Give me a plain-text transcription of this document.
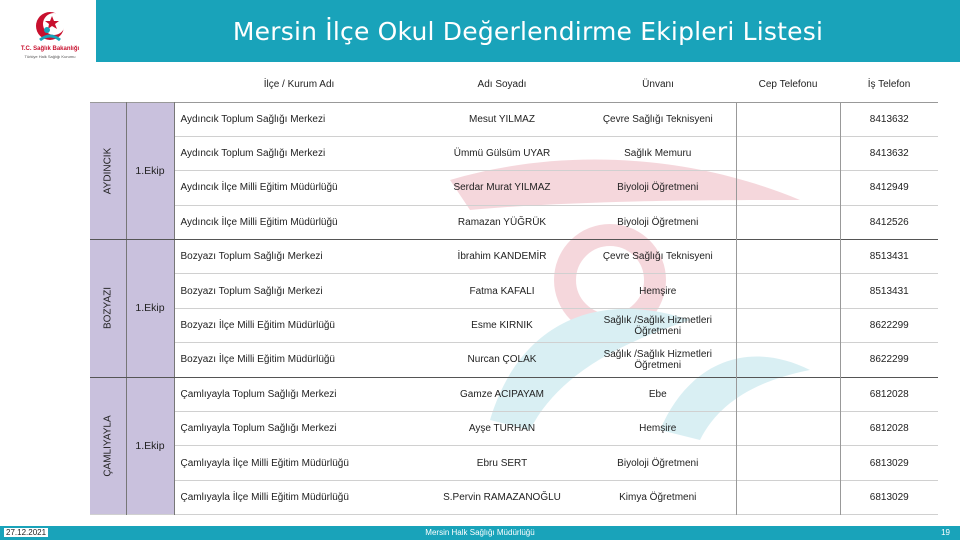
T.C. Sağlık Bakanlığı
Türkiye Halk Sağlığı Kurumu
Mersin İlçe Okul Değerlendirme Ekipleri Listesi
		İlçe / Kurum Adı	Adı Soyadı	Ünvanı	Cep Telefonu	İş Telefon

AYDINCIK	1.Ekip	Aydıncık Toplum Sağlığı Merkezi	Mesut YILMAZ	Çevre Sağlığı Teknisyeni		8413632
		Aydıncık Toplum Sağlığı Merkezi	Ümmü Gülsüm UYAR	Sağlık Memuru		8413632
		Aydıncık İlçe Milli Eğitim Müdürlüğü	Serdar Murat YILMAZ	Biyoloji Öğretmeni		8412949
		Aydıncık İlçe Milli Eğitim Müdürlüğü	Ramazan YÜĞRÜK	Biyoloji Öğretmeni		8412526

BOZYAZI	1.Ekip	Bozyazı Toplum Sağlığı Merkezi	İbrahim KANDEMİR	Çevre Sağlığı Teknisyeni		8513431
		Bozyazı Toplum Sağlığı Merkezi	Fatma KAFALI	Hemşire		8513431
		Bozyazı İlçe Milli Eğitim Müdürlüğü	Esme KIRNIK	Sağlık /Sağlık Hizmetleri Öğretmeni		8622299
		Bozyazı İlçe Milli Eğitim Müdürlüğü	Nurcan ÇOLAK	Sağlık /Sağlık Hizmetleri Öğretmeni		8622299

ÇAMLIYAYLA	1.Ekip	Çamlıyayla Toplum Sağlığı Merkezi	Gamze ACIPAYAM	Ebe		6812028
		Çamlıyayla Toplum Sağlığı Merkezi	Ayşe TURHAN	Hemşire		6812028
		Çamlıyayla İlçe Milli Eğitim Müdürlüğü	Ebru SERT	Biyoloji Öğretmeni		6813029
		Çamlıyayla İlçe Milli Eğitim Müdürlüğü	S.Pervin RAMAZANOĞLU	Kimya Öğretmeni		6813029
27.12.2021	Mersin Halk Sağlığı Müdürlüğü	19
